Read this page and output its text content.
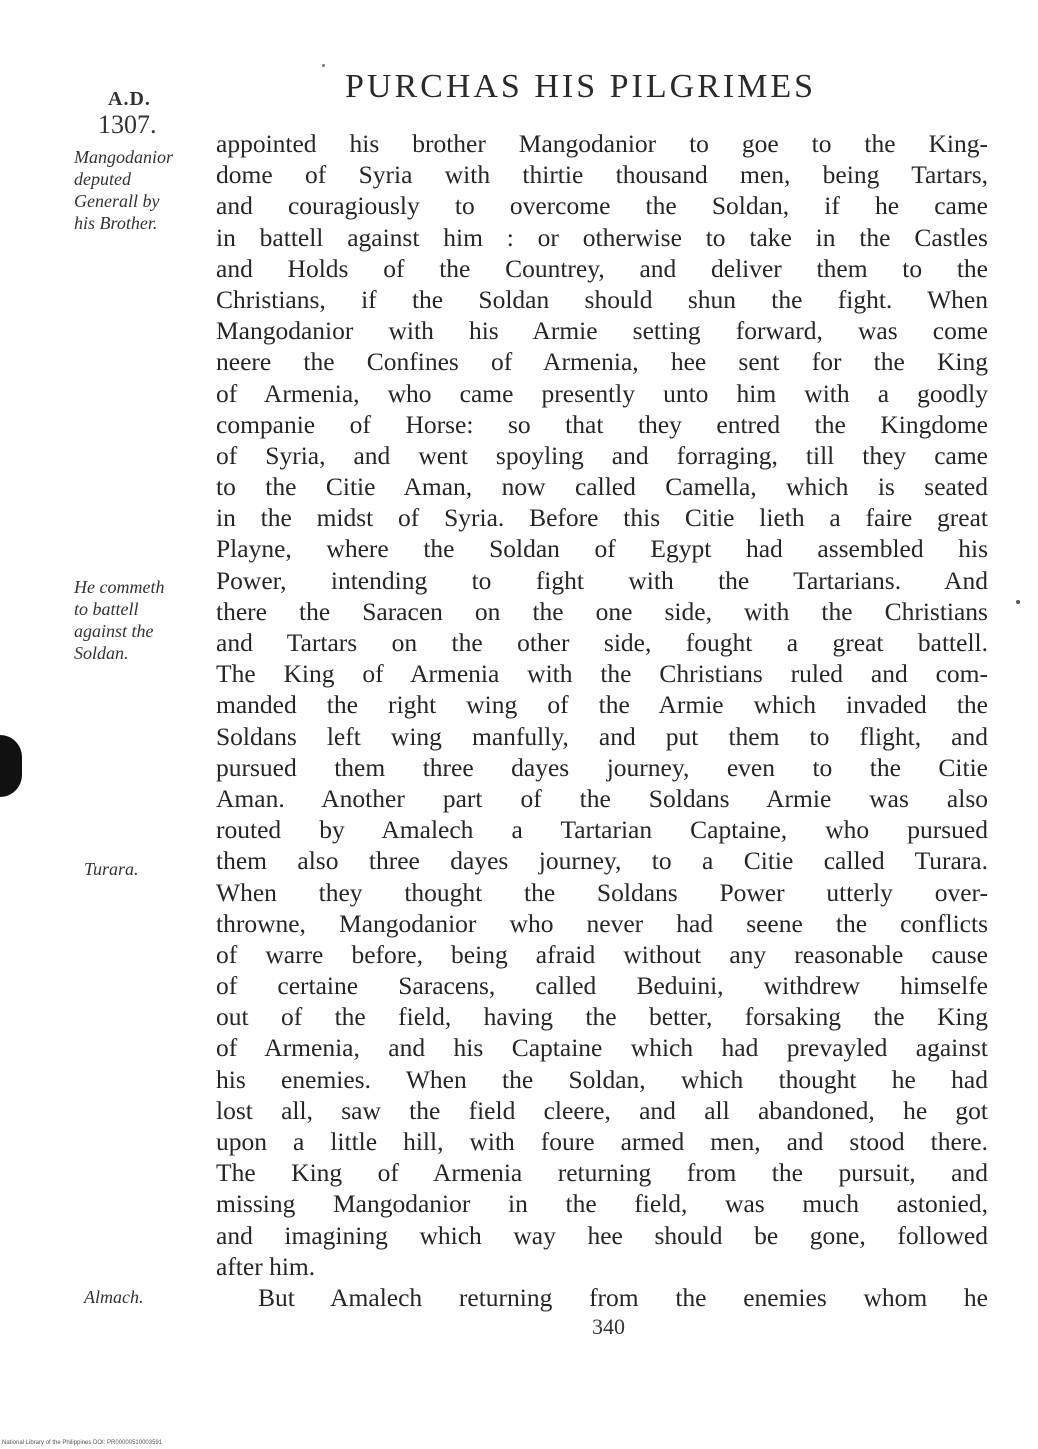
A.D.
1307.
PURCHAS HIS PILGRIMES
Mangodanior
deputed
Generall by
his Brother.
He commeth
to battell
against the
Soldan.
Turara.
Almach.
appointed his brother Mangodanior to goe to the King-
dome of Syria with thirtie thousand men, being Tartars,
and couragiously to overcome the Soldan, if he came
in battell against him : or otherwise to take in the Castles
and Holds of the Countrey, and deliver them to the
Christians, if the Soldan should shun the fight. When
Mangodanior with his Armie setting forward, was come
neere the Confines of Armenia, hee sent for the King
of Armenia, who came presently unto him with a goodly
companie of Horse: so that they entred the Kingdome
of Syria, and went spoyling and forraging, till they came
to the Citie Aman, now called Camella, which is seated
in the midst of Syria. Before this Citie lieth a faire great
Playne, where the Soldan of Egypt had assembled his
Power, intending to fight with the Tartarians. And
there the Saracen on the one side, with the Christians
and Tartars on the other side, fought a great battell.
The King of Armenia with the Christians ruled and com-
manded the right wing of the Armie which invaded the
Soldans left wing manfully, and put them to flight, and
pursued them three dayes journey, even to the Citie
Aman. Another part of the Soldans Armie was also
routed by Amalech a Tartarian Captaine, who pursued
them also three dayes journey, to a Citie called Turara.
When they thought the Soldans Power utterly over-
throwne, Mangodanior who never had seene the conflicts
of warre before, being afraid without any reasonable cause
of certaine Saracens, called Beduini, withdrew himselfe
out of the field, having the better, forsaking the King
of Armenia, and his Captaine which had prevayled against
his enemies. When the Soldan, which thought he had
lost all, saw the field cleere, and all abandoned, he got
upon a little hill, with foure armed men, and stood there.
The King of Armenia returning from the pursuit, and
missing Mangodanior in the field, was much astonied,
and imagining which way hee should be gone, followed
after him.
But Amalech returning from the enemies whom he
340
National Library of the Philippines DOI: PR00000510003591
